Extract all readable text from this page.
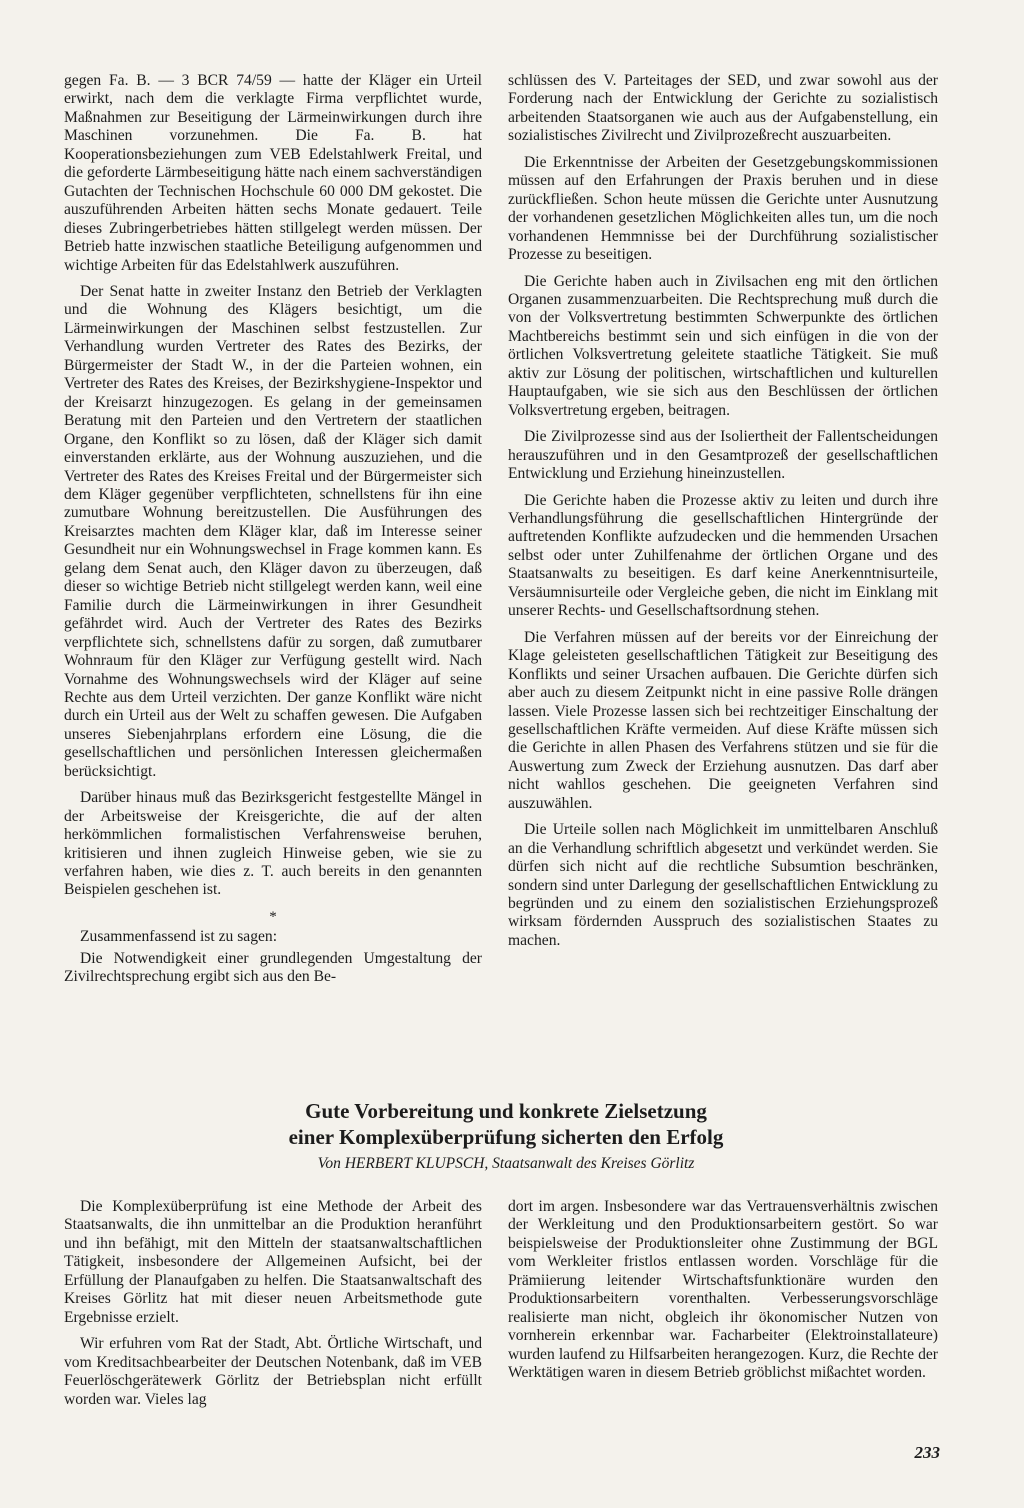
gegen Fa. B. — 3 BCR 74/59 — hatte der Kläger ein Urteil erwirkt, nach dem die verklagte Firma verpflichtet wurde, Maßnahmen zur Beseitigung der Lärmeinwirkungen durch ihre Maschinen vorzunehmen. Die Fa. B. hat Kooperationsbeziehungen zum VEB Edelstahlwerk Freital, und die geforderte Lärmbeseitigung hätte nach einem sachverständigen Gutachten der Technischen Hochschule 60 000 DM gekostet. Die auszuführenden Arbeiten hätten sechs Monate gedauert. Teile dieses Zubringerbetriebes hätten stillgelegt werden müssen. Der Betrieb hatte inzwischen staatliche Beteiligung aufgenommen und wichtige Arbeiten für das Edelstahlwerk auszuführen.

Der Senat hatte in zweiter Instanz den Betrieb der Verklagten und die Wohnung des Klägers besichtigt, um die Lärmeinwirkungen der Maschinen selbst festzustellen. Zur Verhandlung wurden Vertreter des Rates des Bezirks, der Bürgermeister der Stadt W., in der die Parteien wohnen, ein Vertreter des Rates des Kreises, der Bezirkshygiene-Inspektor und der Kreisarzt hinzugezogen. Es gelang in der gemeinsamen Beratung mit den Parteien und den Vertretern der staatlichen Organe, den Konflikt so zu lösen, daß der Kläger sich damit einverstanden erklärte, aus der Wohnung auszuziehen, und die Vertreter des Rates des Kreises Freital und der Bürgermeister sich dem Kläger gegenüber verpflichteten, schnellstens für ihn eine zumutbare Wohnung bereitzustellen. Die Ausführungen des Kreisarztes machten dem Kläger klar, daß im Interesse seiner Gesundheit nur ein Wohnungswechsel in Frage kommen kann. Es gelang dem Senat auch, den Kläger davon zu überzeugen, daß dieser so wichtige Betrieb nicht stillgelegt werden kann, weil eine Familie durch die Lärmeinwirkungen in ihrer Gesundheit gefährdet wird. Auch der Vertreter des Rates des Bezirks verpflichtete sich, schnellstens dafür zu sorgen, daß zumutbarer Wohnraum für den Kläger zur Verfügung gestellt wird. Nach Vornahme des Wohnungswechsels wird der Kläger auf seine Rechte aus dem Urteil verzichten. Der ganze Konflikt wäre nicht durch ein Urteil aus der Welt zu schaffen gewesen. Die Aufgaben unseres Siebenjahrplans erfordern eine Lösung, die die gesellschaftlichen und persönlichen Interessen gleichermaßen berücksichtigt.

Darüber hinaus muß das Bezirksgericht festgestellte Mängel in der Arbeitsweise der Kreisgerichte, die auf der alten herkömmlichen formalistischen Verfahrensweise beruhen, kritisieren und ihnen zugleich Hinweise geben, wie sie zu verfahren haben, wie dies z. T. auch bereits in den genannten Beispielen geschehen ist.

*

Zusammenfassend ist zu sagen:

Die Notwendigkeit einer grundlegenden Umgestaltung der Zivilrechtsprechung ergibt sich aus den Be-

schlüssen des V. Parteitages der SED, und zwar sowohl aus der Forderung nach der Entwicklung der Gerichte zu sozialistisch arbeitenden Staatsorganen wie auch aus der Aufgabenstellung, ein sozialistisches Zivilrecht und Zivilprozeßrecht auszuarbeiten.

Die Erkenntnisse der Arbeiten der Gesetzgebungskommissionen müssen auf den Erfahrungen der Praxis beruhen und in diese zurückfließen. Schon heute müssen die Gerichte unter Ausnutzung der vorhandenen gesetzlichen Möglichkeiten alles tun, um die noch vorhandenen Hemmnisse bei der Durchführung sozialistischer Prozesse zu beseitigen.

Die Gerichte haben auch in Zivilsachen eng mit den örtlichen Organen zusammenzuarbeiten. Die Rechtsprechung muß durch die von der Volksvertretung bestimmten Schwerpunkte des örtlichen Machtbereichs bestimmt sein und sich einfügen in die von der örtlichen Volksvertretung geleitete staatliche Tätigkeit. Sie muß aktiv zur Lösung der politischen, wirtschaftlichen und kulturellen Hauptaufgaben, wie sie sich aus den Beschlüssen der örtlichen Volksvertretung ergeben, beitragen.

Die Zivilprozesse sind aus der Isoliertheit der Fallentscheidungen herauszuführen und in den Gesamtprozeß der gesellschaftlichen Entwicklung und Erziehung hineinzustellen.

Die Gerichte haben die Prozesse aktiv zu leiten und durch ihre Verhandlungsführung die gesellschaftlichen Hintergründe der auftretenden Konflikte aufzudecken und die hemmenden Ursachen selbst oder unter Zuhilfenahme der örtlichen Organe und des Staatsanwalts zu beseitigen. Es darf keine Anerkenntnisurteile, Versäumnisurteile oder Vergleiche geben, die nicht im Einklang mit unserer Rechts- und Gesellschaftsordnung stehen.

Die Verfahren müssen auf der bereits vor der Einreichung der Klage geleisteten gesellschaftlichen Tätigkeit zur Beseitigung des Konflikts und seiner Ursachen aufbauen. Die Gerichte dürfen sich aber auch zu diesem Zeitpunkt nicht in eine passive Rolle drängen lassen. Viele Prozesse lassen sich bei rechtzeitiger Einschaltung der gesellschaftlichen Kräfte vermeiden. Auf diese Kräfte müssen sich die Gerichte in allen Phasen des Verfahrens stützen und sie für die Auswertung zum Zweck der Erziehung ausnutzen. Das darf aber nicht wahllos geschehen. Die geeigneten Verfahren sind auszuwählen.

Die Urteile sollen nach Möglichkeit im unmittelbaren Anschluß an die Verhandlung schriftlich abgesetzt und verkündet werden. Sie dürfen sich nicht auf die rechtliche Subsumtion beschränken, sondern sind unter Darlegung der gesellschaftlichen Entwicklung zu begründen und zu einem den sozialistischen Erziehungsprozeß wirksam fördernden Ausspruch des sozialistischen Staates zu machen.

Gute Vorbereitung und konkrete Zielsetzung
einer Komplexüberprüfung sicherten den Erfolg
Von HERBERT KLUPSCH, Staatsanwalt des Kreises Görlitz

Die Komplexüberprüfung ist eine Methode der Arbeit des Staatsanwalts, die ihn unmittelbar an die Produktion heranführt und ihn befähigt, mit den Mitteln der staatsanwaltschaftlichen Tätigkeit, insbesondere der Allgemeinen Aufsicht, bei der Erfüllung der Planaufgaben zu helfen. Die Staatsanwaltschaft des Kreises Görlitz hat mit dieser neuen Arbeitsmethode gute Ergebnisse erzielt.

Wir erfuhren vom Rat der Stadt, Abt. Örtliche Wirtschaft, und vom Kreditsachbearbeiter der Deutschen Notenbank, daß im VEB Feuerlöschgerätewerk Görlitz der Betriebsplan nicht erfüllt worden war. Vieles lag

dort im argen. Insbesondere war das Vertrauensverhältnis zwischen der Werkleitung und den Produktionsarbeitern gestört. So war beispielsweise der Produktionsleiter ohne Zustimmung der BGL vom Werkleiter fristlos entlassen worden. Vorschläge für die Prämiierung leitender Wirtschaftsfunktionäre wurden den Produktionsarbeitern vorenthalten. Verbesserungsvorschläge realisierte man nicht, obgleich ihr ökonomischer Nutzen von vornherein erkennbar war. Facharbeiter (Elektroinstallateure) wurden laufend zu Hilfsarbeiten herangezogen. Kurz, die Rechte der Werktätigen waren in diesem Betrieb gröblichst mißachtet worden.

233
